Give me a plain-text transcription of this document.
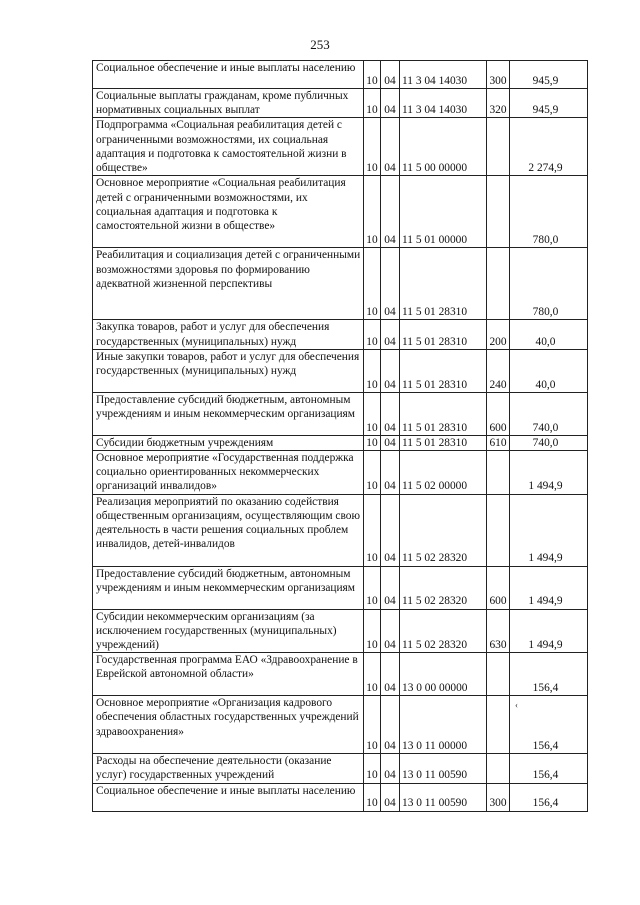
253
Социальное обеспечение и иные выплаты населению	10	04	11 3 04 14030	300	945,9
Социальные выплаты гражданам, кроме публичных нормативных социальных выплат	10	04	11 3 04 14030	320	945,9
Подпрограмма «Социальная реабилитация детей с ограниченными возможностями, их социальная адаптация и подготовка к самостоятельной жизни в обществе»	10	04	11 5 00 00000		2 274,9
Основное мероприятие «Социальная реабилитация детей с ограниченными возможностями, их социальная адаптация и подготовка к самостоятельной жизни в обществе»	10	04	11 5 01 00000		780,0
Реабилитация и социализация детей с ограниченными возможностями здоровья по формированию адекватной жизненной перспективы	10	04	11 5 01 28310		780,0
Закупка товаров, работ и услуг для обеспечения государственных (муниципальных) нужд	10	04	11 5 01 28310	200	40,0
Иные закупки товаров, работ и услуг для обеспечения государственных (муниципальных) нужд	10	04	11 5 01 28310	240	40,0
Предоставление субсидий бюджетным, автономным учреждениям и иным некоммерческим организациям	10	04	11 5 01 28310	600	740,0
Субсидии бюджетным учреждениям	10	04	11 5 01 28310	610	740,0
Основное мероприятие «Государственная поддержка социально ориентированных некоммерческих организаций инвалидов»	10	04	11 5 02 00000		1 494,9
Реализация мероприятий по оказанию содействия общественным организациям, осуществляющим свою деятельность в части решения социальных проблем инвалидов, детей-инвалидов	10	04	11 5 02 28320		1 494,9
Предоставление субсидий бюджетным, автономным учреждениям и иным некоммерческим организациям	10	04	11 5 02 28320	600	1 494,9
Субсидии некоммерческим организациям (за исключением государственных (муниципальных) учреждений)	10	04	11 5 02 28320	630	1 494,9
Государственная программа ЕАО «Здравоохранение в Еврейской автономной области»	10	04	13 0 00 00000		156,4
Основное мероприятие «Организация кадрового обеспечения областных государственных учреждений здравоохранения»	10	04	13 0 11 00000		156,4
Расходы на обеспечение деятельности (оказание услуг) государственных учреждений	10	04	13 0 11 00590		156,4
Социальное обеспечение и иные выплаты населению	10	04	13 0 11 00590	300	156,4
‹
